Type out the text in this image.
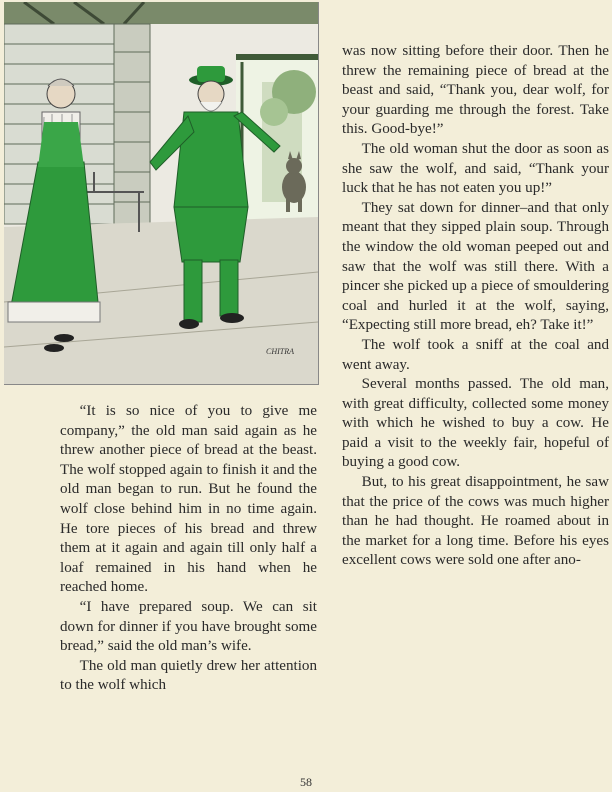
CHITRA

“It is so nice of you to give me company,” the old man said again as he threw another piece of bread at the beast. The wolf stopped again to finish it and the old man began to run. But he found the wolf close behind him in no time again. He tore pieces of his bread and threw them at it again and again till only half a loaf remained in his hand when he reached home.

“I have prepared soup. We can sit down for dinner if you have brought some bread,” said the old man’s wife.

The old man quietly drew her attention to the wolf which

was now sitting before their door. Then he threw the remaining piece of bread at the beast and said, “Thank you, dear wolf, for your guarding me through the forest. Take this. Good-bye!”

The old woman shut the door as soon as she saw the wolf, and said, “Thank your luck that he has not eaten you up!”

They sat down for dinner–and that only meant that they sipped plain soup. Through the window the old woman peeped out and saw that the wolf was still there. With a pincer she picked up a piece of smouldering coal and hurled it at the wolf, saying, “Expecting still more bread, eh? Take it!”

The wolf took a sniff at the coal and went away.

Several months passed. The old man, with great difficulty, collected some money with which he wished to buy a cow. He paid a visit to the weekly fair, hopeful of buying a good cow.

But, to his great disappointment, he saw that the price of the cows was much higher than he had thought. He roamed about in the market for a long time. Before his eyes excellent cows were sold one after ano-

58
